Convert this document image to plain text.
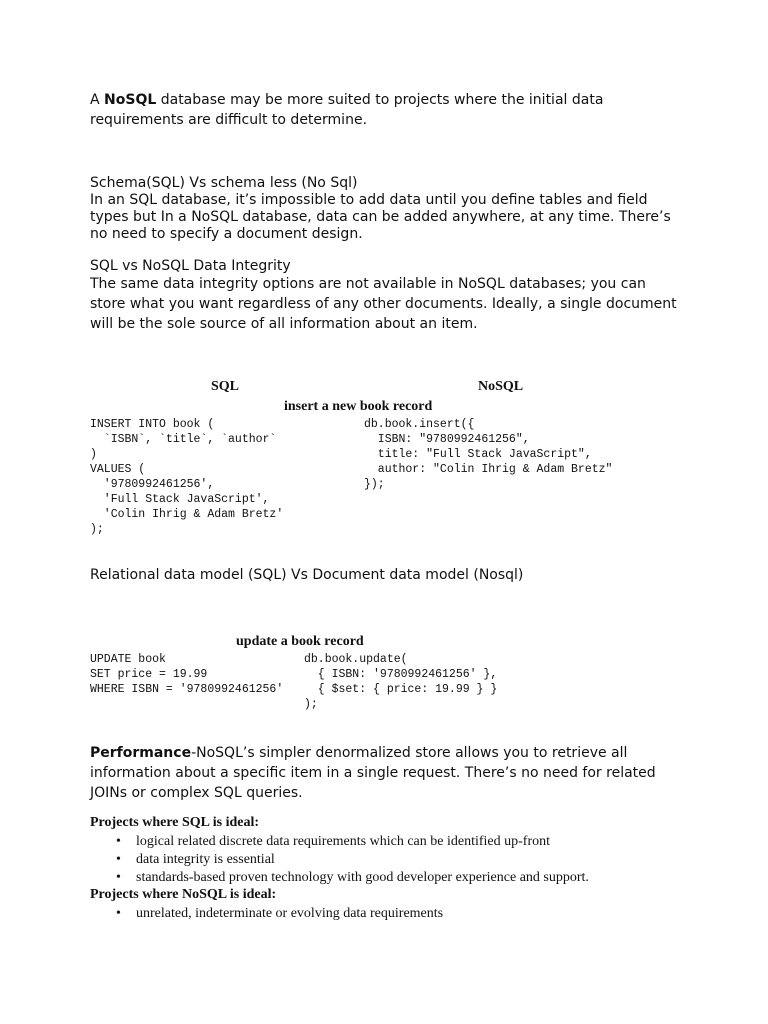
A NoSQL database may be more suited to projects where the initial data
requirements are difficult to determine.
Schema(SQL) Vs schema less (No Sql)
In an SQL database, it’s impossible to add data until you define tables and field
types but In a NoSQL database, data can be added anywhere, at any time. There’s
no need to specify a document design.
SQL vs NoSQL Data Integrity
The same data integrity options are not available in NoSQL databases; you can
store what you want regardless of any other documents. Ideally, a single document
will be the sole source of all information about an item.
SQL	NoSQL
insert a new book record
INSERT INTO book (
`ISBN`, `title`, `author`
)
VALUES (
'9780992461256',
'Full Stack JavaScript',
'Colin Ihrig & Adam Bretz'
);
db.book.insert({
ISBN: "9780992461256",
title: "Full Stack JavaScript",
author: "Colin Ihrig & Adam Bretz"
});
Relational data model (SQL) Vs Document data model (Nosql)
update a book record
UPDATE book
SET price = 19.99
WHERE ISBN = '9780992461256'
db.book.update(
{ ISBN: '9780992461256' },
{ $set: { price: 19.99 } }
);
Performance-NoSQL’s simpler denormalized store allows you to retrieve all
information about a specific item in a single request. There’s no need for related
JOINs or complex SQL queries.
Projects where SQL is ideal:
• logical related discrete data requirements which can be identified up-front
• data integrity is essential
• standards-based proven technology with good developer experience and support.
Projects where NoSQL is ideal:
• unrelated, indeterminate or evolving data requirements
